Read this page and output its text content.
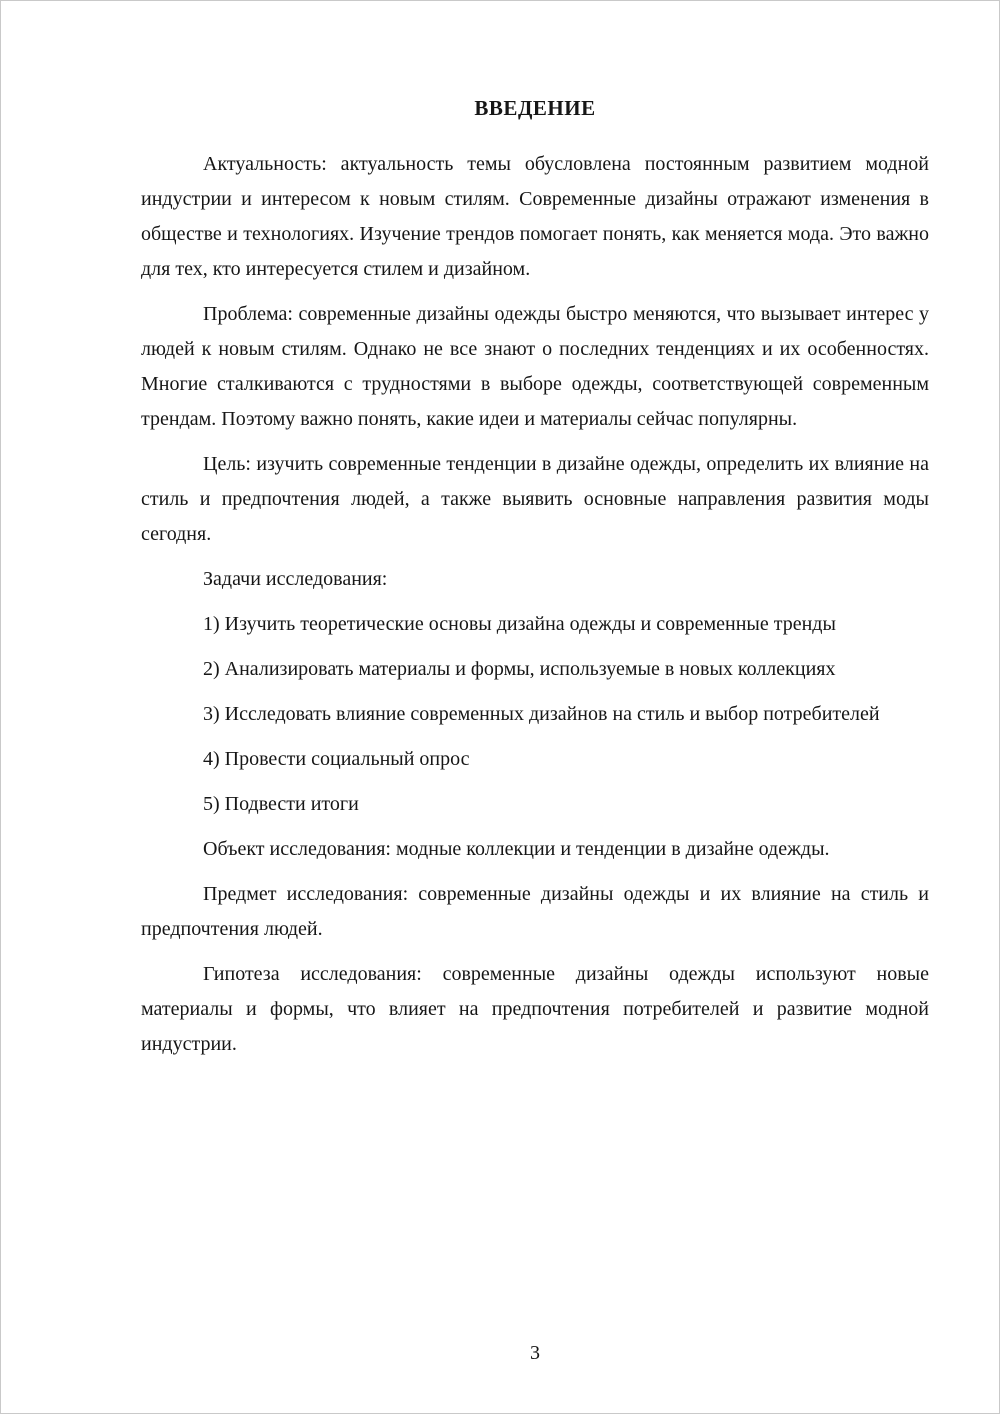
ВВЕДЕНИЕ

Актуальность: актуальность темы обусловлена постоянным развитием модной индустрии и интересом к новым стилям. Современные дизайны отражают изменения в обществе и технологиях. Изучение трендов помогает понять, как меняется мода. Это важно для тех, кто интересуется стилем и дизайном.

Проблема: современные дизайны одежды быстро меняются, что вызывает интерес у людей к новым стилям. Однако не все знают о последних тенденциях и их особенностях. Многие сталкиваются с трудностями в выборе одежды, соответствующей современным трендам. Поэтому важно понять, какие идеи и материалы сейчас популярны.

Цель: изучить современные тенденции в дизайне одежды, определить их влияние на стиль и предпочтения людей, а также выявить основные направления развития моды сегодня.

Задачи исследования:

1) Изучить теоретические основы дизайна одежды и современные тренды

2) Анализировать материалы и формы, используемые в новых коллекциях

3) Исследовать влияние современных дизайнов на стиль и выбор потребителей

4) Провести социальный опрос

5) Подвести итоги

Объект исследования: модные коллекции и тенденции в дизайне одежды.

Предмет исследования: современные дизайны одежды и их влияние на стиль и предпочтения людей.

Гипотеза исследования: современные дизайны одежды используют новые материалы и формы, что влияет на предпочтения потребителей и развитие модной индустрии.

3
